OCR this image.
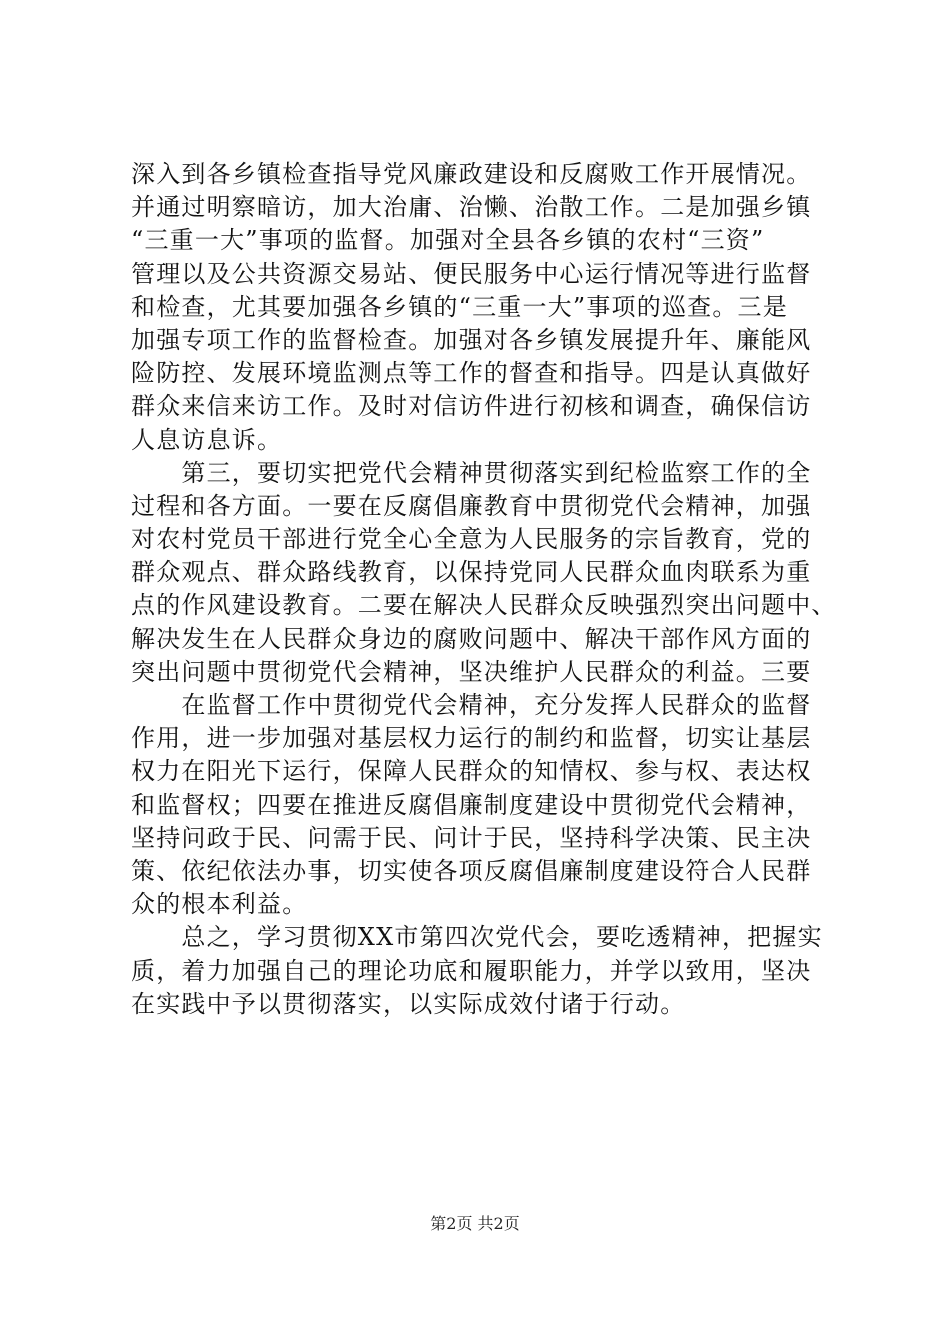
深入到各乡镇检查指导党风廉政建设和反腐败工作开展情况。
并通过明察暗访，加大治庸、治懒、治散工作。二是加强乡镇
“三重一大”事项的监督。加强对全县各乡镇的农村“三资”
管理以及公共资源交易站、便民服务中心运行情况等进行监督
和检查，尤其要加强各乡镇的“三重一大”事项的巡查。三是
加强专项工作的监督检查。加强对各乡镇发展提升年、廉能风
险防控、发展环境监测点等工作的督查和指导。四是认真做好
群众来信来访工作。及时对信访件进行初核和调查，确保信访
人息访息诉。
　　第三，要切实把党代会精神贯彻落实到纪检监察工作的全
过程和各方面。一要在反腐倡廉教育中贯彻党代会精神，加强
对农村党员干部进行党全心全意为人民服务的宗旨教育，党的
群众观点、群众路线教育，以保持党同人民群众血肉联系为重
点的作风建设教育。二要在解决人民群众反映强烈突出问题中、
解决发生在人民群众身边的腐败问题中、解决干部作风方面的
突出问题中贯彻党代会精神，坚决维护人民群众的利益。三要
　　在监督工作中贯彻党代会精神，充分发挥人民群众的监督
作用，进一步加强对基层权力运行的制约和监督，切实让基层
权力在阳光下运行，保障人民群众的知情权、参与权、表达权
和监督权；四要在推进反腐倡廉制度建设中贯彻党代会精神，
坚持问政于民、问需于民、问计于民，坚持科学决策、民主决
策、依纪依法办事，切实使各项反腐倡廉制度建设符合人民群
众的根本利益。
　　总之，学习贯彻XX市第四次党代会，要吃透精神，把握实
质，着力加强自己的理论功底和履职能力，并学以致用，坚决
在实践中予以贯彻落实，以实际成效付诸于行动。
第2页 共2页
